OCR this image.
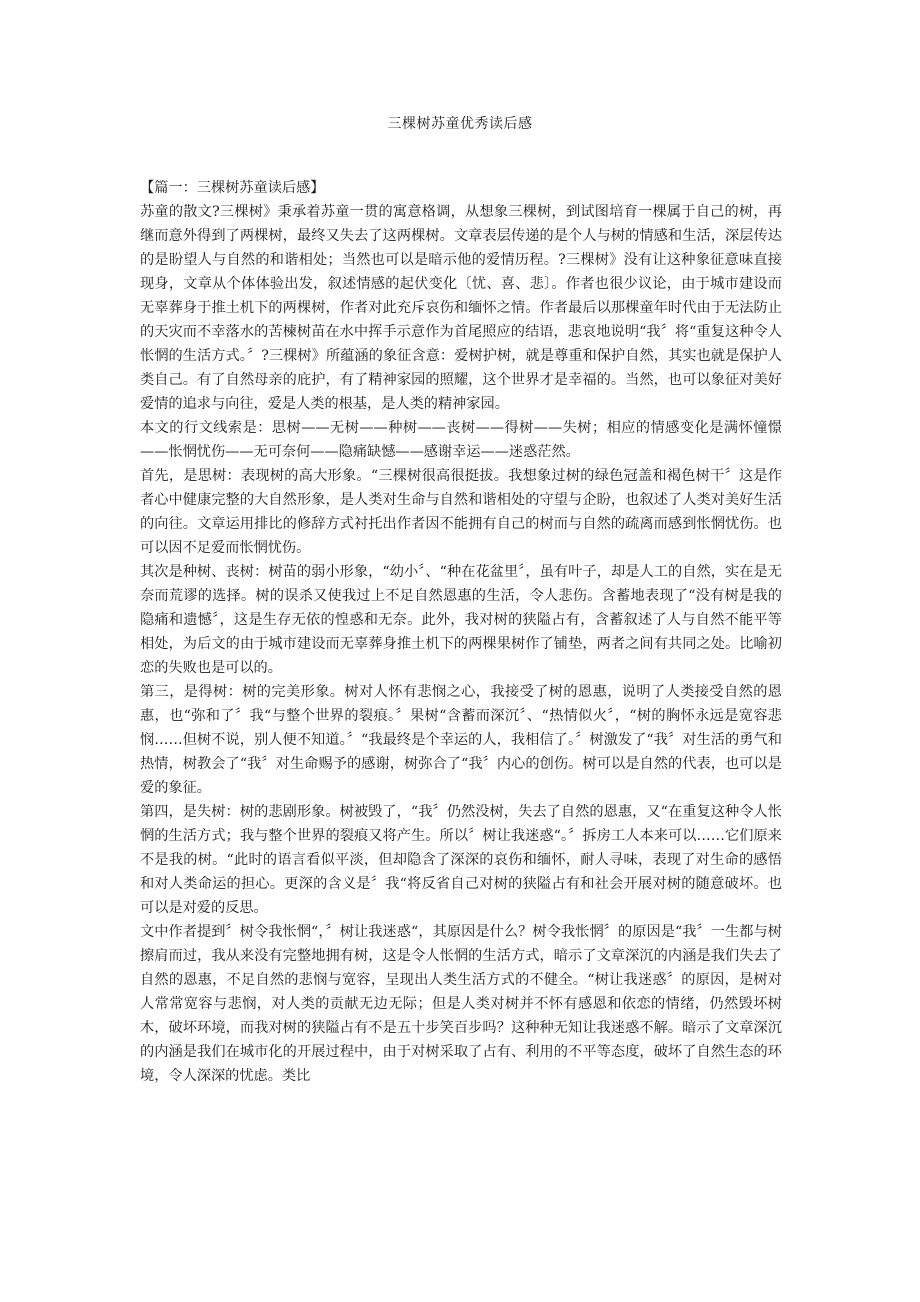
三棵树苏童优秀读后感

【篇一：三棵树苏童读后感】

苏童的散文?三棵树》秉承着苏童一贯的寓意格调，从想象三棵树，到试图培育一棵属于自己的树，再继而意外得到了两棵树，最终又失去了这两棵树。文章表层传递的是个人与树的情感和生活，深层传达的是盼望人与自然的和谐相处；当然也可以是暗示他的爱情历程。?三棵树》没有让这种象征意味直接现身，文章从个体体验出发，叙述情感的起伏变化〔忧、喜、悲〕。作者也很少议论，由于城市建设而无辜葬身于推土机下的两棵树，作者对此充斥哀伤和缅怀之情。作者最后以那棵童年时代由于无法防止的天灾而不幸落水的苦楝树苗在水中挥手示意作为首尾照应的结语，悲哀地说明“我〞将“重复这种令人怅惘的生活方式。〞?三棵树》所蕴涵的象征含意：爱树护树，就是尊重和保护自然，其实也就是保护人类自己。有了自然母亲的庇护，有了精神家园的照耀，这个世界才是幸福的。当然，也可以象征对美好爱情的追求与向往，爱是人类的根基，是人类的精神家园。

本文的行文线索是：思树——无树——种树——丧树——得树——失树；相应的情感变化是满怀憧憬——怅惘忧伤——无可奈何——隐痛缺憾——感谢幸运——迷惑茫然。

首先，是思树：表现树的高大形象。“三棵树很高很挺拔。我想象过树的绿色冠盖和褐色树干〞这是作者心中健康完整的大自然形象，是人类对生命与自然和谐相处的守望与企盼，也叙述了人类对美好生活的向往。文章运用排比的修辞方式衬托出作者因不能拥有自己的树而与自然的疏离而感到怅惘忧伤。也可以因不足爱而怅惘忧伤。

其次是种树、丧树：树苗的弱小形象，“幼小〞、“种在花盆里〞，虽有叶子，却是人工的自然，实在是无奈而荒谬的选择。树的误杀又使我过上不足自然恩惠的生活，令人悲伤。含蓄地表现了“没有树是我的隐痛和遗憾〞，这是生存无依的惶惑和无奈。此外，我对树的狭隘占有，含蓄叙述了人与自然不能平等相处，为后文的由于城市建设而无辜葬身推土机下的两棵果树作了铺垫，两者之间有共同之处。比喻初恋的失败也是可以的。

第三，是得树：树的完美形象。树对人怀有悲悯之心，我接受了树的恩惠，说明了人类接受自然的恩惠，也“弥和了〞我“与整个世界的裂痕。〞果树“含蓄而深沉〞、“热情似火〞，“树的胸怀永远是宽容悲悯……但树不说，别人便不知道。〞“我最终是个幸运的人，我相信了。〞树激发了“我〞对生活的勇气和热情，树教会了“我〞对生命赐予的感谢，树弥合了“我〞内心的创伤。树可以是自然的代表，也可以是爱的象征。

第四，是失树：树的悲剧形象。树被毁了，“我〞仍然没树，失去了自然的恩惠，又“在重复这种令人怅惘的生活方式；我与整个世界的裂痕又将产生。所以〞树让我迷惑“。〞拆房工人本来可以……它们原来不是我的树。“此时的语言看似平淡，但却隐含了深深的哀伤和缅怀，耐人寻味，表现了对生命的感悟和对人类命运的担心。更深的含义是〞我“将反省自己对树的狭隘占有和社会开展对树的随意破坏。也可以是对爱的反思。

文中作者提到〞树令我怅惘“，〞树让我迷惑“，其原因是什么？树令我怅惘〞的原因是“我〞一生都与树擦肩而过，我从来没有完整地拥有树，这是令人怅惘的生活方式，暗示了文章深沉的内涵是我们失去了自然的恩惠，不足自然的悲悯与宽容，呈现出人类生活方式的不健全。“树让我迷惑〞的原因，是树对人常常宽容与悲悯，对人类的贡献无边无际；但是人类对树并不怀有感恩和依恋的情绪，仍然毁坏树木，破坏环境，而我对树的狭隘占有不是五十步笑百步吗？这种种无知让我迷惑不解。暗示了文章深沉的内涵是我们在城市化的开展过程中，由于对树采取了占有、利用的不平等态度，破坏了自然生态的环境，令人深深的忧虑。类比
